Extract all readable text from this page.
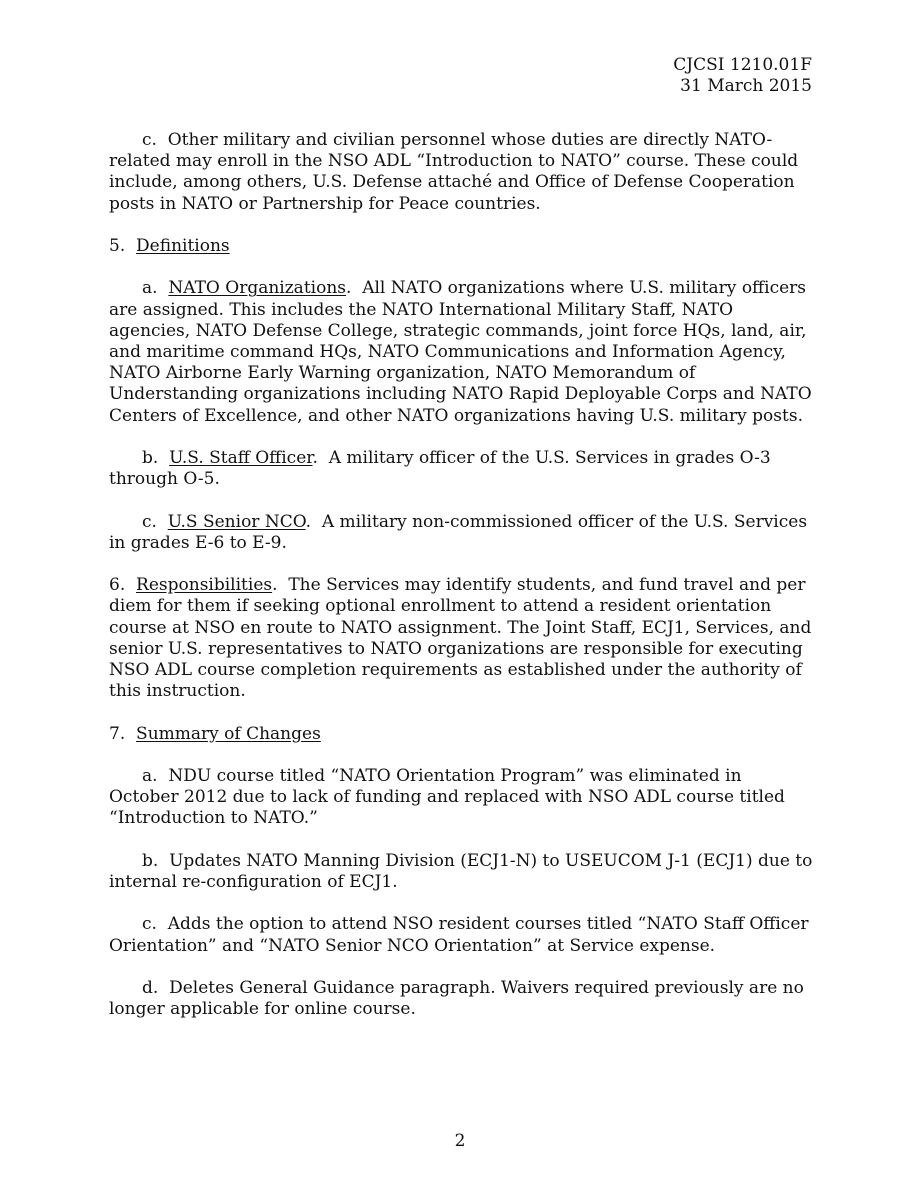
CJCSI 1210.01F
31 March 2015

c. Other military and civilian personnel whose duties are directly NATO-related may enroll in the NSO ADL “Introduction to NATO” course. These could include, among others, U.S. Defense attaché and Office of Defense Cooperation posts in NATO or Partnership for Peace countries.

5. Definitions

a. NATO Organizations.  All NATO organizations where U.S. military officers are assigned. This includes the NATO International Military Staff, NATO agencies, NATO Defense College, strategic commands, joint force HQs, land, air, and maritime command HQs, NATO Communications and Information Agency, NATO Airborne Early Warning organization, NATO Memorandum of Understanding organizations including NATO Rapid Deployable Corps and NATO Centers of Excellence, and other NATO organizations having U.S. military posts.

b. U.S. Staff Officer.  A military officer of the U.S. Services in grades O-3 through O-5.

c. U.S Senior NCO.  A military non-commissioned officer of the U.S. Services in grades E-6 to E-9.

6. Responsibilities.  The Services may identify students, and fund travel and per diem for them if seeking optional enrollment to attend a resident orientation course at NSO en route to NATO assignment. The Joint Staff, ECJ1, Services, and senior U.S. representatives to NATO organizations are responsible for executing NSO ADL course completion requirements as established under the authority of this instruction.

7. Summary of Changes

a. NDU course titled “NATO Orientation Program” was eliminated in October 2012 due to lack of funding and replaced with NSO ADL course titled “Introduction to NATO.”

b. Updates NATO Manning Division (ECJ1-N) to USEUCOM J-1 (ECJ1) due to internal re-configuration of ECJ1.

c. Adds the option to attend NSO resident courses titled “NATO Staff Officer Orientation” and “NATO Senior NCO Orientation” at Service expense.

d. Deletes General Guidance paragraph. Waivers required previously are no longer applicable for online course.

2
